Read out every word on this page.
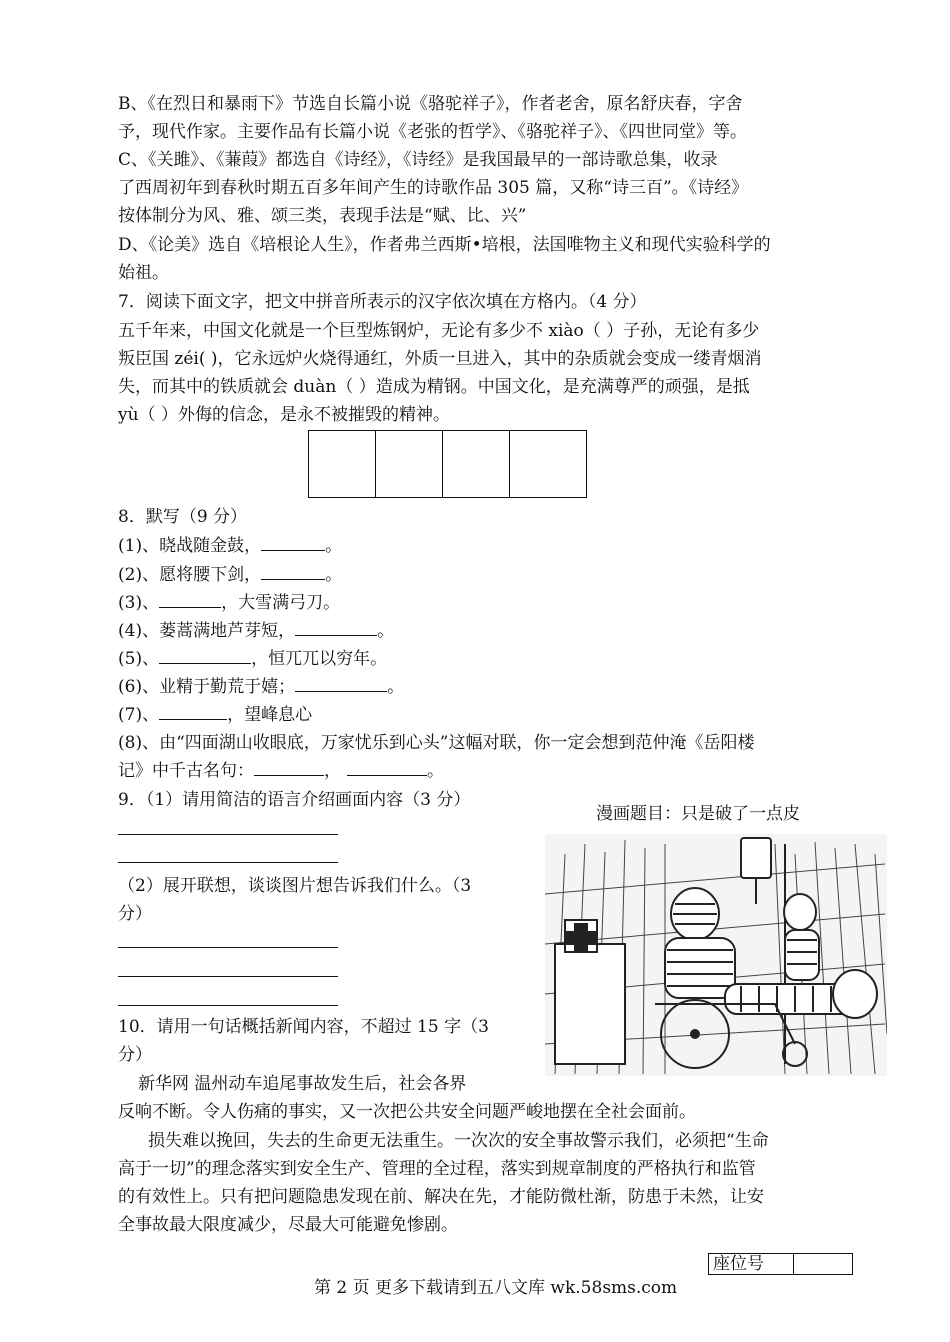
B、《在烈日和暴雨下》节选自长篇小说《骆驼祥子》，作者老舍，原名舒庆春，字舍
予，现代作家。主要作品有长篇小说《老张的哲学》、《骆驼祥子》、《四世同堂》等。
C、《关雎》、《蒹葭》都选自《诗经》，《诗经》是我国最早的一部诗歌总集，收录
了西周初年到春秋时期五百多年间产生的诗歌作品 305 篇，又称“诗三百”。《诗经》
按体制分为风、雅、颂三类，表现手法是“赋、比、兴”
D、《论美》选自《培根论人生》，作者弗兰西斯•培根，法国唯物主义和现代实验科学的
始祖。
7．阅读下面文字，把文中拼音所表示的汉字依次填在方格内。（4 分）
五千年来，中国文化就是一个巨型炼钢炉，无论有多少不 xiào（ ）子孙，无论有多少
叛臣国 zéi( )，它永远炉火烧得通红，外质一旦进入，其中的杂质就会变成一缕青烟消
失，而其中的铁质就会 duàn（ ）造成为精钢。中国文化，是充满尊严的顽强，是抵
yù（ ）外侮的信念，是永不被摧毁的精神。

8．默写（9 分）
(1)、晓战随金鼓，	。
(2)、愿将腰下剑，	。
(3)、	，大雪满弓刀。
(4)、蒌蒿满地芦芽短，	。
(5)、	，恒兀兀以穷年。
(6)、业精于勤荒于嬉；	。
(7)、	，望峰息心
(8)、由“四面湖山收眼底，万家忧乐到心头”这幅对联，你一定会想到范仲淹《岳阳楼
记》中千古名句：	，	。
9．（1）请用简洁的语言介绍画面内容（3 分）
漫画题目：只是破了一点皮
（2）展开联想，谈谈图片想告诉我们什么。（3
分）
10．请用一句话概括新闻内容，不超过 15 字（3
分）
新华网 温州动车追尾事故发生后，社会各界
反响不断。令人伤痛的事实，又一次把公共安全问题严峻地摆在全社会面前。
损失难以挽回，失去的生命更无法重生。一次次的安全事故警示我们，必须把“生命
高于一切”的理念落实到安全生产、管理的全过程，落实到规章制度的严格执行和监管
的有效性上。只有把问题隐患发现在前、解决在先，才能防微杜渐，防患于未然，让安
全事故最大限度减少，尽最大可能避免惨剧。
座位号	
第 2 页 更多下载请到五八文库 wk.58sms.com
